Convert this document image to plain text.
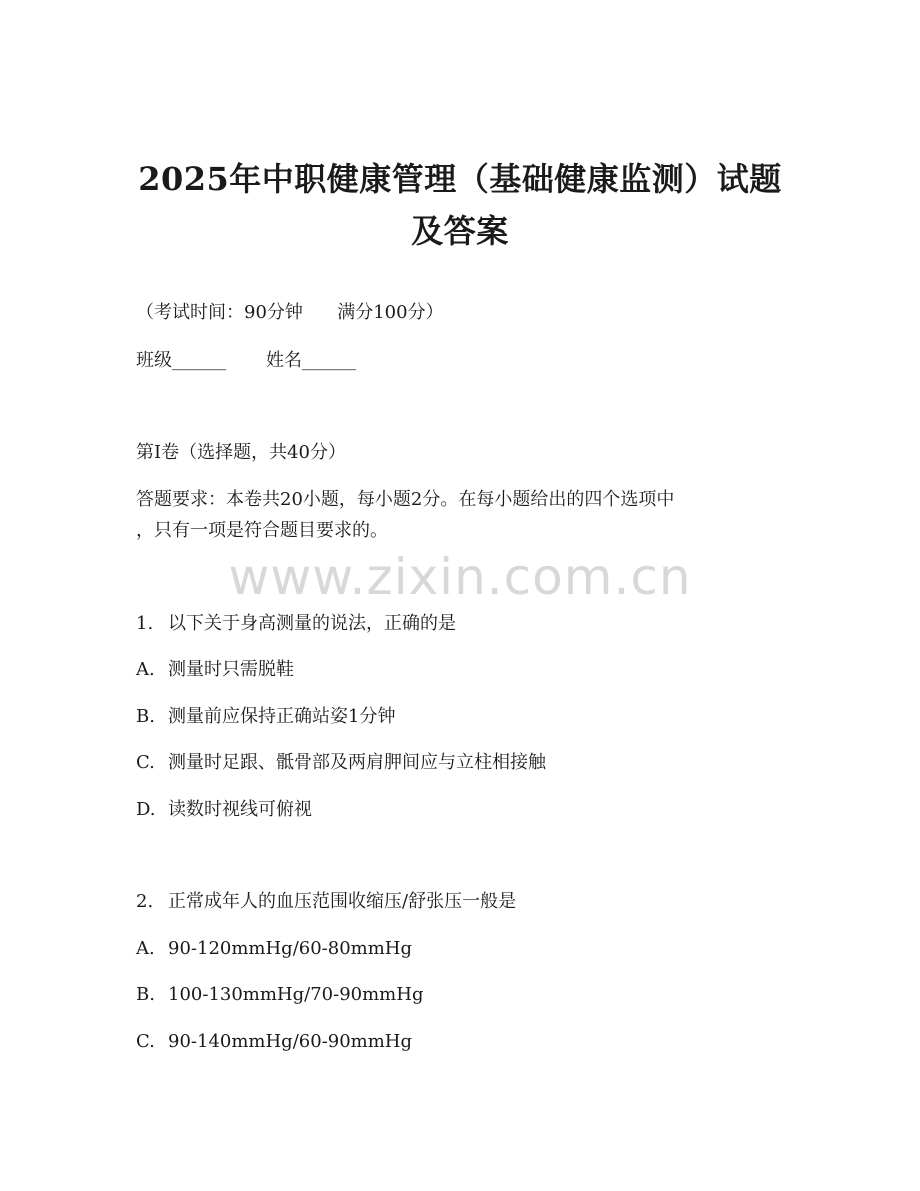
2025年中职健康管理（基础健康监测）试题
及答案

（考试时间：90分钟      满分100分）

班级______       姓名______

第I卷（选择题，共40分）

答题要求：本卷共20小题，每小题2分。在每小题给出的四个选项中

，只有一项是符合题目要求的。

www.zixin.com.cn

1. 以下关于身高测量的说法，正确的是

A. 测量时只需脱鞋

B. 测量前应保持正确站姿1分钟

C. 测量时足跟、骶骨部及两肩胛间应与立柱相接触

D. 读数时视线可俯视

2. 正常成年人的血压范围收缩压/舒张压一般是

A. 90-120mmHg/60-80mmHg

B. 100-130mmHg/70-90mmHg

C. 90-140mmHg/60-90mmHg
